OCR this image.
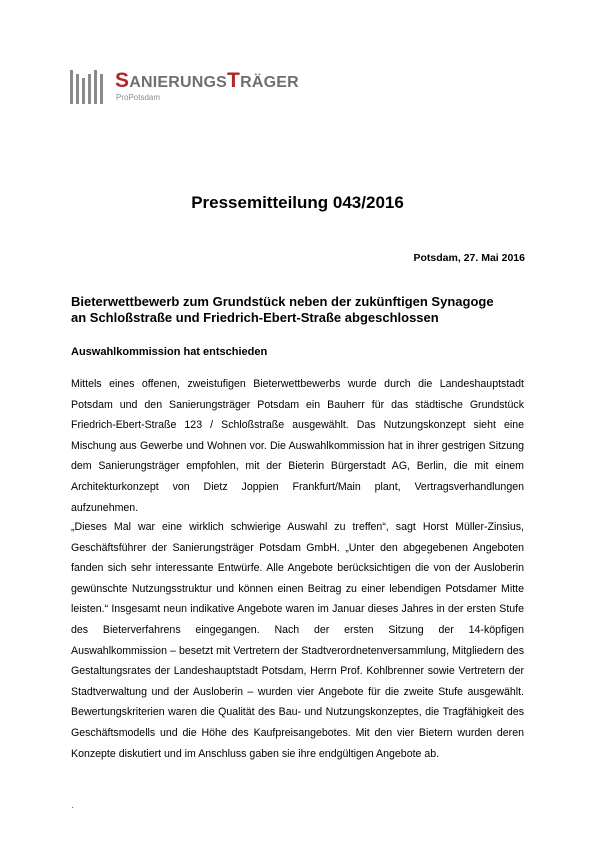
SANIERUNGSTRÄGER
ProPotsdam
Pressemitteilung 043/2016
Potsdam, 27. Mai 2016
Bieterwettbewerb zum Grundstück neben der zukünftigen Synagoge an Schloßstraße und Friedrich-Ebert-Straße abgeschlossen
Auswahlkommission hat entschieden

Mittels eines offenen, zweistufigen Bieterwettbewerbs wurde durch die Landeshauptstadt Potsdam und den Sanierungsträger Potsdam ein Bauherr für das städtische Grundstück Friedrich-Ebert-Straße 123 / Schloßstraße ausgewählt. Das Nutzungskonzept sieht eine Mischung aus Gewerbe und Wohnen vor. Die Auswahlkommission hat in ihrer gestrigen Sitzung dem Sanierungsträger empfohlen, mit der Bieterin Bürgerstadt AG, Berlin, die mit einem Architekturkonzept von Dietz Joppien Frankfurt/Main plant, Vertragsverhandlungen aufzunehmen.

„Dieses Mal war eine wirklich schwierige Auswahl zu treffen“, sagt Horst Müller-Zinsius, Geschäftsführer der Sanierungsträger Potsdam GmbH. „Unter den abgegebenen Angeboten fanden sich sehr interessante Entwürfe. Alle Angebote berücksichtigen die von der Ausloberin gewünschte Nutzungsstruktur und können einen Beitrag zu einer lebendigen Potsdamer Mitte leisten.“ Insgesamt neun indikative Angebote waren im Januar dieses Jahres in der ersten Stufe des Bieterverfahrens eingegangen. Nach der ersten Sitzung der 14-köpfigen Auswahlkommission – besetzt mit Vertretern der Stadtverordnetenversammlung, Mitgliedern des Gestaltungsrates der Landeshauptstadt Potsdam, Herrn Prof. Kohlbrenner sowie Vertretern der Stadtverwaltung und der Ausloberin – wurden vier Angebote für die zweite Stufe ausgewählt. Bewertungskriterien waren die Qualität des Bau- und Nutzungskonzeptes, die Tragfähigkeit des Geschäftsmodells und die Höhe des Kaufpreisangebotes. Mit den vier Bietern wurden deren Konzepte diskutiert und im Anschluss gaben sie ihre endgültigen Angebote ab.

.
